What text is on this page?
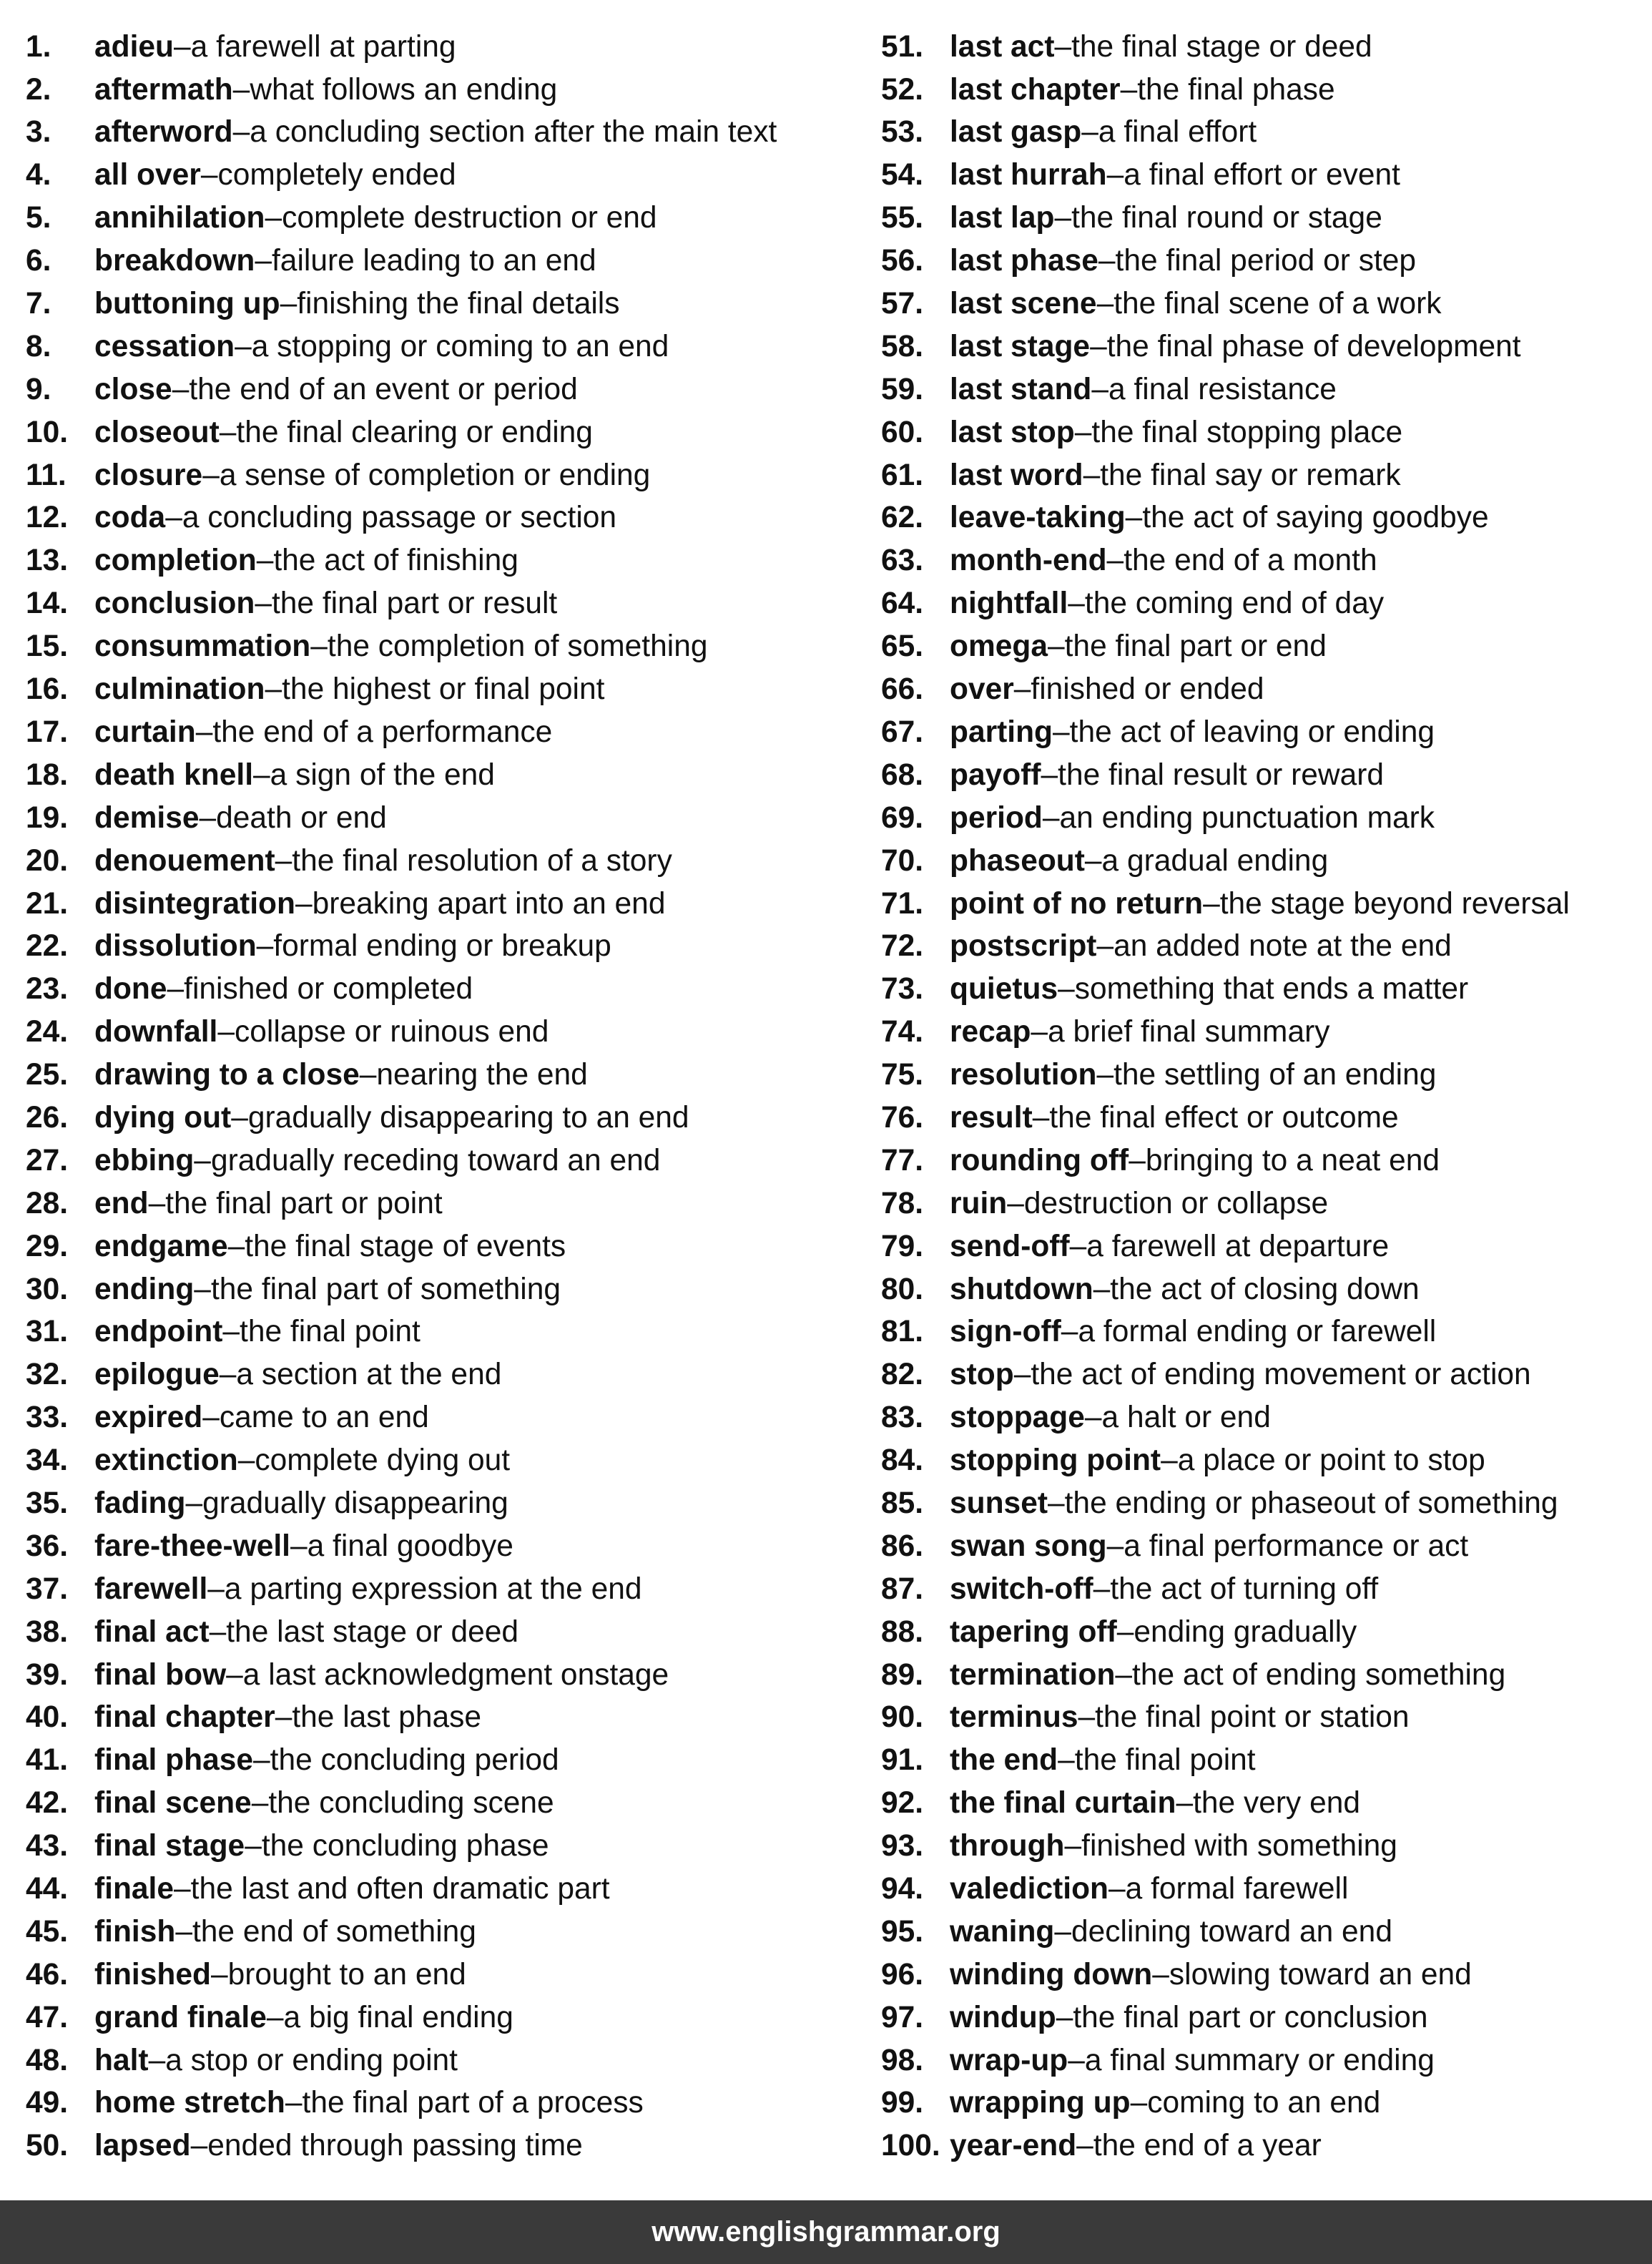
1.	adieu – a farewell at parting
2.	aftermath – what follows an ending
3.	afterword – a concluding section after the main text
4.	all over – completely ended
5.	annihilation – complete destruction or end
6.	breakdown – failure leading to an end
7.	buttoning up – finishing the final details
8.	cessation – a stopping or coming to an end
9.	close – the end of an event or period
10. closeout – the final clearing or ending
11. closure – a sense of completion or ending
12. coda – a concluding passage or section
13. completion – the act of finishing
14. conclusion – the final part or result
15. consummation – the completion of something
16. culmination – the highest or final point
17. curtain – the end of a performance
18. death knell – a sign of the end
19. demise – death or end
20. denouement – the final resolution of a story
21. disintegration – breaking apart into an end
22. dissolution – formal ending or breakup
23. done – finished or completed
24. downfall – collapse or ruinous end
25. drawing to a close – nearing the end
26. dying out – gradually disappearing to an end
27. ebbing – gradually receding toward an end
28. end – the final part or point
29. endgame – the final stage of events
30. ending – the final part of something
31. endpoint – the final point
32. epilogue – a section at the end
33. expired – came to an end
34. extinction – complete dying out
35. fading – gradually disappearing
36. fare-thee-well – a final goodbye
37. farewell – a parting expression at the end
38. final act – the last stage or deed
39. final bow – a last acknowledgment onstage
40. final chapter – the last phase
41. final phase – the concluding period
42. final scene – the concluding scene
43. final stage – the concluding phase
44. finale – the last and often dramatic part
45. finish – the end of something
46. finished – brought to an end
47. grand finale – a big final ending
48. halt – a stop or ending point
49. home stretch – the final part of a process
50. lapsed – ended through passing time
51. last act – the final stage or deed
52. last chapter – the final phase
53. last gasp – a final effort
54. last hurrah – a final effort or event
55. last lap – the final round or stage
56. last phase – the final period or step
57. last scene – the final scene of a work
58. last stage – the final phase of development
59. last stand – a final resistance
60. last stop – the final stopping place
61. last word – the final say or remark
62. leave-taking – the act of saying goodbye
63. month-end – the end of a month
64. nightfall – the coming end of day
65. omega – the final part or end
66. over – finished or ended
67. parting – the act of leaving or ending
68. payoff – the final result or reward
69. period – an ending punctuation mark
70. phaseout – a gradual ending
71. point of no return – the stage beyond reversal
72. postscript – an added note at the end
73. quietus – something that ends a matter
74. recap – a brief final summary
75. resolution – the settling of an ending
76. result – the final effect or outcome
77. rounding off – bringing to a neat end
78. ruin – destruction or collapse
79. send-off – a farewell at departure
80. shutdown – the act of closing down
81. sign-off – a formal ending or farewell
82. stop – the act of ending movement or action
83. stoppage – a halt or end
84. stopping point – a place or point to stop
85. sunset – the ending or phaseout of something
86. swan song – a final performance or act
87. switch-off – the act of turning off
88. tapering off – ending gradually
89. termination – the act of ending something
90. terminus – the final point or station
91. the end – the final point
92. the final curtain – the very end
93. through – finished with something
94. valediction – a formal farewell
95. waning – declining toward an end
96. winding down – slowing toward an end
97. windup – the final part or conclusion
98. wrap-up – a final summary or ending
99. wrapping up – coming to an end
100. year-end – the end of a year
www.englishgrammar.org
